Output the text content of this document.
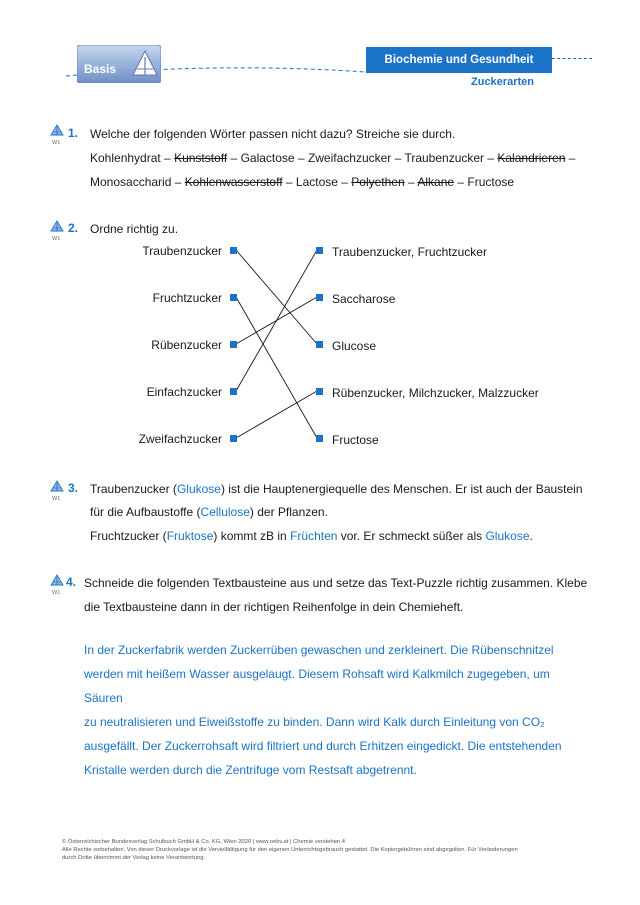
Basis
Biochemie und Gesundheit
Zuckerarten
W1
1. Welche der folgenden Wörter passen nicht dazu? Streiche sie durch.
Kohlenhydrat – Kunststoff – Galactose – Zweifachzucker – Traubenzucker – Kalandrieren –
Monosaccharid – Kohlenwasserstoff – Lactose – Polyethen – Alkane – Fructose
W1
2. Ordne richtig zu.
Traubenzucker
Fruchtzucker
Rübenzucker
Einfachzucker
Zweifachzucker
Traubenzucker, Fruchtzucker
Saccharose
Glucose
Rübenzucker, Milchzucker, Malzzucker
Fructose
W1
3. Traubenzucker (Glukose) ist die Hauptenergiequelle des Menschen. Er ist auch der Baustein
für die Aufbaustoffe (Cellulose) der Pflanzen.
Fruchtzucker (Fruktose) kommt zB in Früchten vor. Er schmeckt süßer als Glukose.
W1
4. Schneide die folgenden Textbausteine aus und setze das Text-Puzzle richtig zusammen. Klebe
die Textbausteine dann in der richtigen Reihenfolge in dein Chemieheft.
In der Zuckerfabrik werden Zuckerrüben gewaschen und zerkleinert. Die Rübenschnitzel
werden mit heißem Wasser ausgelaugt. Diesem Rohsaft wird Kalkmilch zugegeben, um Säuren
zu neutralisieren und Eiweißstoffe zu binden. Dann wird Kalk durch Einleitung von CO₂
ausgefällt. Der Zuckerrohsaft wird filtriert und durch Erhitzen eingedickt. Die entstehenden
Kristalle werden durch die Zentrifuge vom Restsaft abgetrennt.
© Österreichischer Bundesverlag Schulbuch GmbH & Co. KG, Wien 2020 | www.oebv.at | Chemie verstehen 4
Alle Rechte vorbehalten. Von dieser Druckvorlage ist die Vervielfältigung für den eigenen Unterrichtsgebrauch gestattet. Die Kopiergebühren sind abgegolten. Für Veränderungen
durch Dritte übernimmt der Verlag keine Verantwortung.
